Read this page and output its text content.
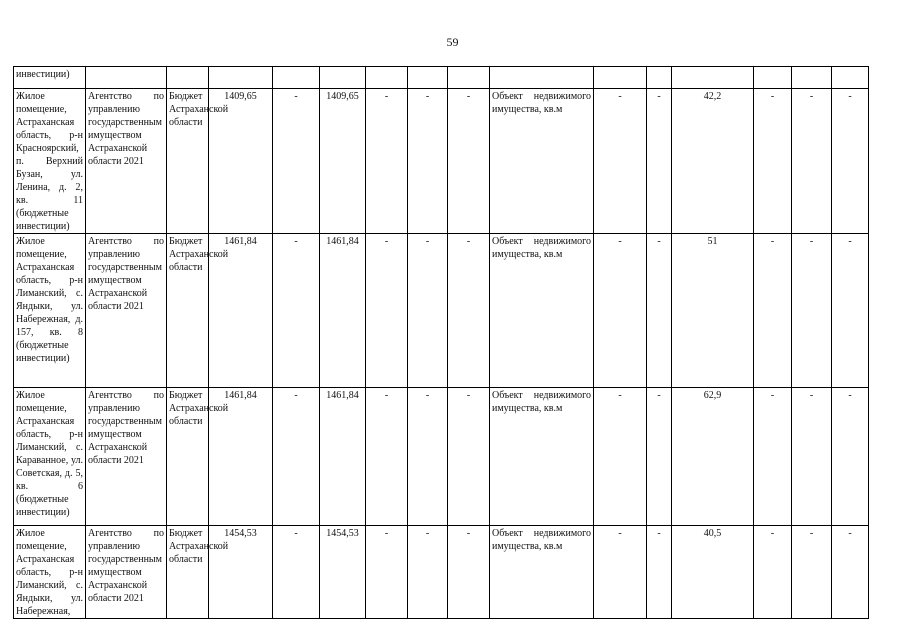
59
инвестиции)															
Жилое помещение, Астраханская область, р-н Красноярский, п. Верхний Бузан, ул. Ленина, д. 2, кв. 11 (бюджетные инвестиции)	Агентство по управлению государственным имуществом Астраханской области 2021	Бюджет Астраханской области	1409,65	-	1409,65	-	-	-	Объект недвижимого имущества, кв.м	-	-	42,2	-	-	-
Жилое помещение, Астраханская область, р-н Лиманский, с. Яндыки, ул. Набережная, д. 157, кв. 8 (бюджетные инвестиции)	Агентство по управлению государственным имуществом Астраханской области 2021	Бюджет Астраханской области	1461,84	-	1461,84	-	-	-	Объект недвижимого имущества, кв.м	-	-	51	-	-	-
Жилое помещение, Астраханская область, р-н Лиманский, с. Караванное, ул. Советская, д. 5, кв. 6 (бюджетные инвестиции)	Агентство по управлению государственным имуществом Астраханской области 2021	Бюджет Астраханской области	1461,84	-	1461,84	-	-	-	Объект недвижимого имущества, кв.м	-	-	62,9	-	-	-
Жилое помещение, Астраханская область, р-н Лиманский, с. Яндыки, ул. Набережная,	Агентство по управлению государственным имуществом Астраханской области 2021	Бюджет Астраханской области	1454,53	-	1454,53	-	-	-	Объект недвижимого имущества, кв.м	-	-	40,5	-	-	-
